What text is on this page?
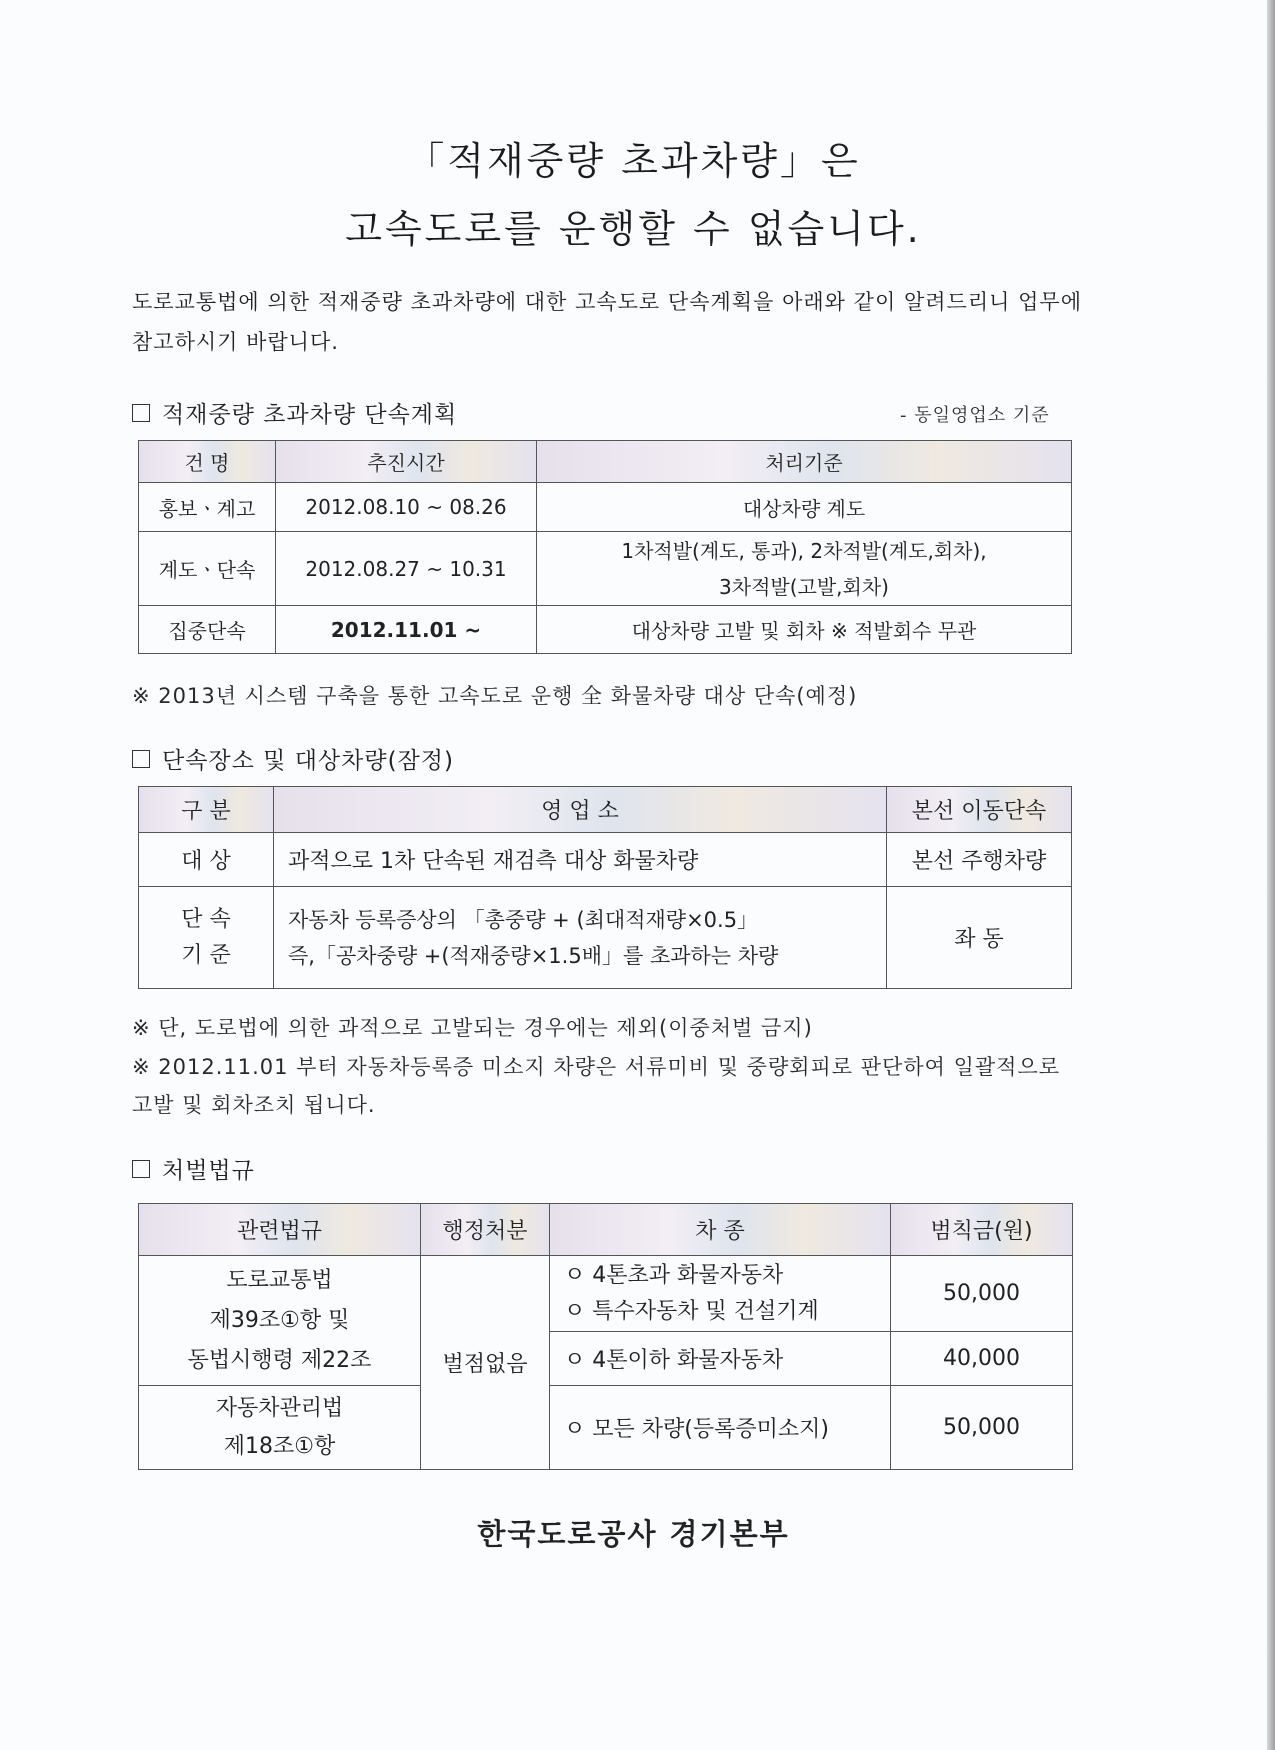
「적재중량 초과차량」은
고속도로를 운행할 수 없습니다.
도로교통법에 의한 적재중량 초과차량에 대한 고속도로 단속계획을 아래와 같이 알려드리니 업무에 참고하시기 바랍니다.
적재중량 초과차량 단속계획	- 동일영업소 기준
건 명	추진시간	처리기준
홍보ㆍ계고	2012.08.10 ~ 08.26	대상차량 계도
계도ㆍ단속	2012.08.27 ~ 10.31	1차적발(계도, 통과), 2차적발(계도,회차),
3차적발(고발,회차)

집중단속	2012.11.01 ~	대상차량 고발 및 회차 ※ 적발회수 무관
※ 2013년 시스템 구축을 통한 고속도로 운행 全 화물차량 대상 단속(예정)
단속장소 및 대상차량(잠정)
구 분	영 업 소	본선 이동단속
대 상	과적으로 1차 단속된 재검측 대상 화물차량	본선 주행차량

단 속
기 준	자동차 등록증상의 「총중량 + (최대적재량×0.5」
즉,「공차중량 +(적재중량×1.5배」를 초과하는 차량	좌 동
※ 단, 도로법에 의한 과적으로 고발되는 경우에는 제외(이중처벌 금지)
※ 2012.11.01 부터 자동차등록증 미소지 차량은 서류미비 및 중량회피로 판단하여 일괄적으로 고발 및 회차조치 됩니다.
처벌법규
관련법규	행정처분	차 종	범칙금(원)

도로교통법
제39조①항 및
동법시행령 제22조	벌점없음	ㅇ 4톤초과 화물자동차
ㅇ 특수자동차 및 건설기계	50,000
		ㅇ 4톤이하 화물자동차	40,000

자동차관리법
제18조①항		ㅇ 모든 차량(등록증미소지)	50,000
한국도로공사 경기본부
